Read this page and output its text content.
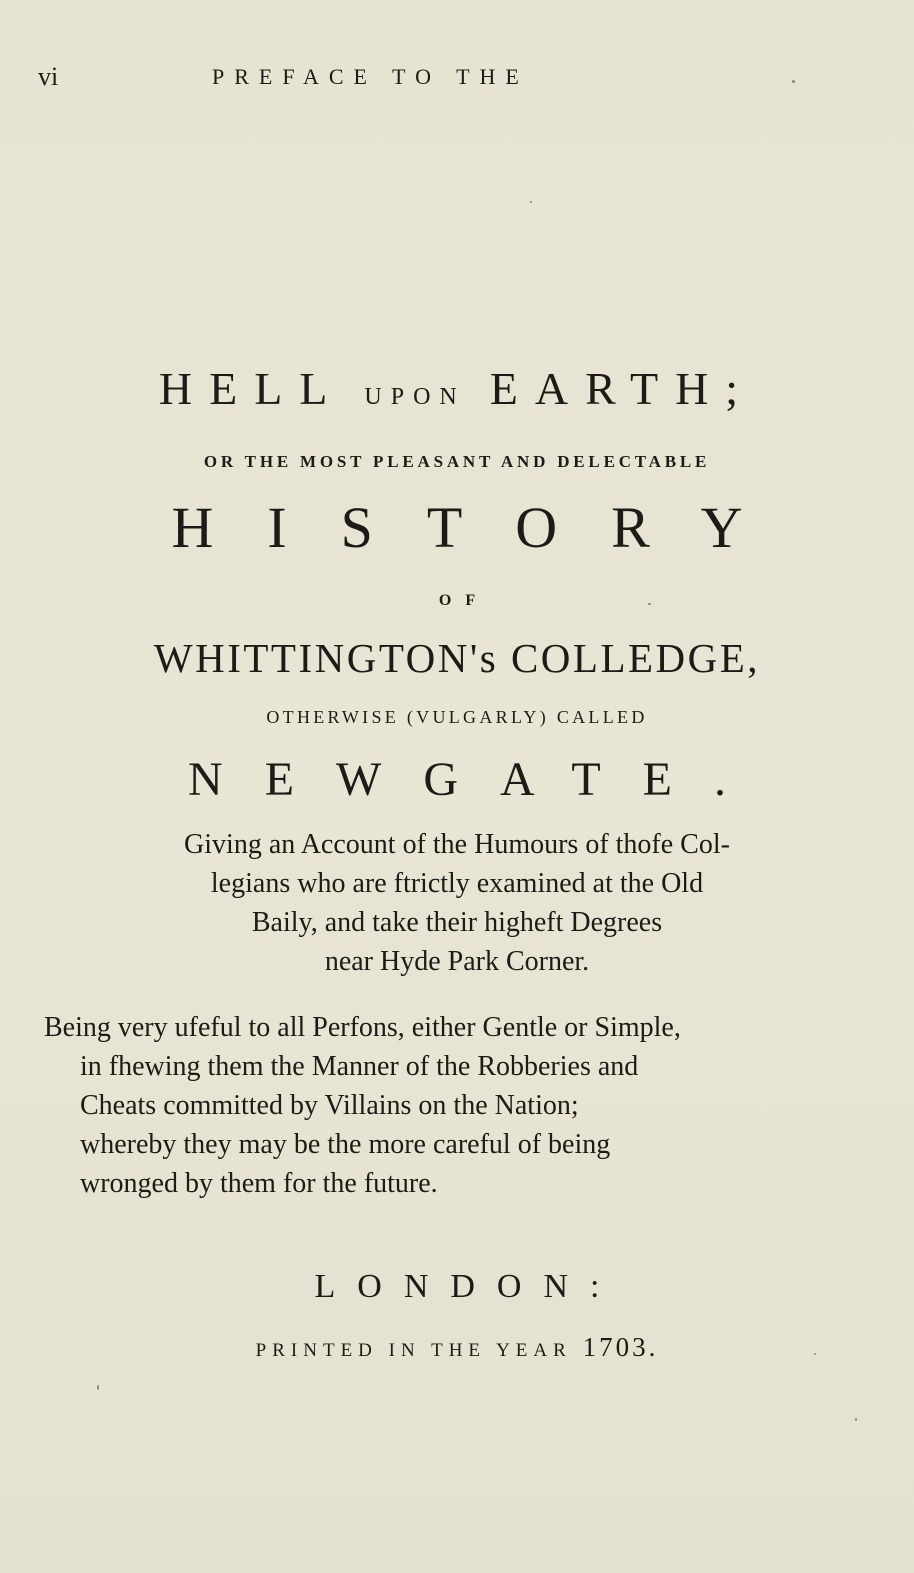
vi	PREFACE TO THE
HELL UPON EARTH;
OR THE MOST PLEASANT AND DELECTABLE
HISTORY
OF
WHITTINGTON's COLLEDGE,
OTHERWISE (VULGARLY) CALLED
NEWGATE.
Giving an Account of the Humours of thofe Col-
legians who are ftrictly examined at the Old
Baily, and take their higheft Degrees
near Hyde Park Corner.
Being very ufeful to all Perfons, either Gentle or Simple,
in fhewing them the Manner of the Robberies and
Cheats committed by Villains on the Nation;
whereby they may be the more careful of being
wronged by them for the future.
LONDON:
PRINTED IN THE YEAR 1703.
